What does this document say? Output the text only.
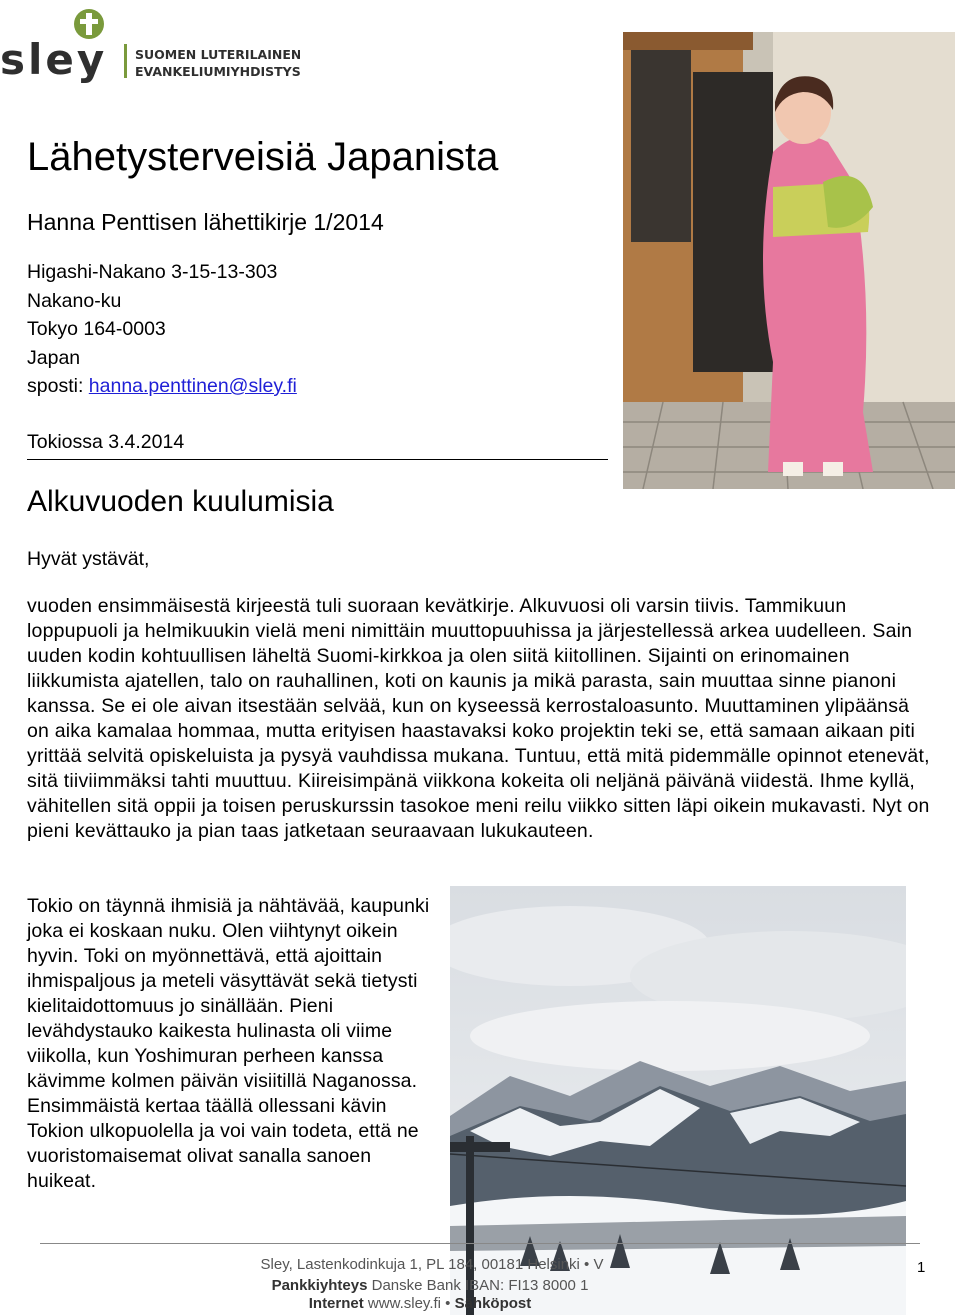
sley SUOMEN LUTERILAINEN
EVANKELIUMIYHDISTYS
Lähetysterveisiä Japanista
Hanna Penttisen lähettikirje 1/2014
Higashi-Nakano 3-15-13-303
Nakano-ku
Tokyo 164-0003
Japan
sposti: hanna.penttinen@sley.fi
Tokiossa 3.4.2014
Alkuvuoden kuulumisia
Hyvät ystävät,

vuoden ensimmäisestä kirjeestä tuli suoraan kevätkirje. Alkuvuosi oli varsin tiivis. Tammikuun loppupuoli ja helmikuukin vielä meni nimittäin muuttopuuhissa ja järjestellessä arkea uudelleen. Sain uuden kodin kohtuullisen läheltä Suomi-kirkkoa ja olen siitä kiitollinen. Sijainti on erinomainen liikkumista ajatellen, talo on rauhallinen, koti on kaunis ja mikä parasta, sain muuttaa sinne pianoni kanssa. Se ei ole aivan itsestään selvää, kun on kyseessä kerrostaloasunto. Muuttaminen ylipäänsä on aika kamalaa hommaa, mutta erityisen haastavaksi koko projektin teki se, että samaan aikaan piti yrittää selvitä opiskeluista ja pysyä vauhdissa mukana. Tuntuu, että mitä pidemmälle opinnot etenevät, sitä tiiviimmäksi tahti muuttuu. Kiireisimpänä viikkona kokeita oli neljänä päivänä viidestä. Ihme kyllä, vähitellen sitä oppii ja toisen peruskurssin tasokoe meni reilu viikko sitten läpi oikein mukavasti. Nyt on pieni kevättauko ja pian taas jatketaan seuraavaan lukukauteen.

Tokio on täynnä ihmisiä ja nähtävää, kaupunki joka ei koskaan nuku. Olen viihtynyt oikein hyvin. Toki on myönnettävä, että ajoittain ihmispaljous ja meteli väsyttävät sekä tietysti kielitaidottomuus jo sinällään. Pieni levähdystauko kaikesta hulinasta oli viime viikolla, kun Yoshimuran perheen kanssa kävimme kolmen päivän visiitillä Naganossa. Ensimmäistä kertaa täällä ollessani kävin Tokion ulkopuolella ja voi vain todeta, että ne vuoristomaisemat olivat sanalla sanoen huikeat.

Sley, Lastenkodinkuja 1, PL 184, 00181 Helsinki • V
Pankkiyhteys Danske Bank IBAN: FI13 8000 1
Internet www.sley.fi • Sähköpost
1
